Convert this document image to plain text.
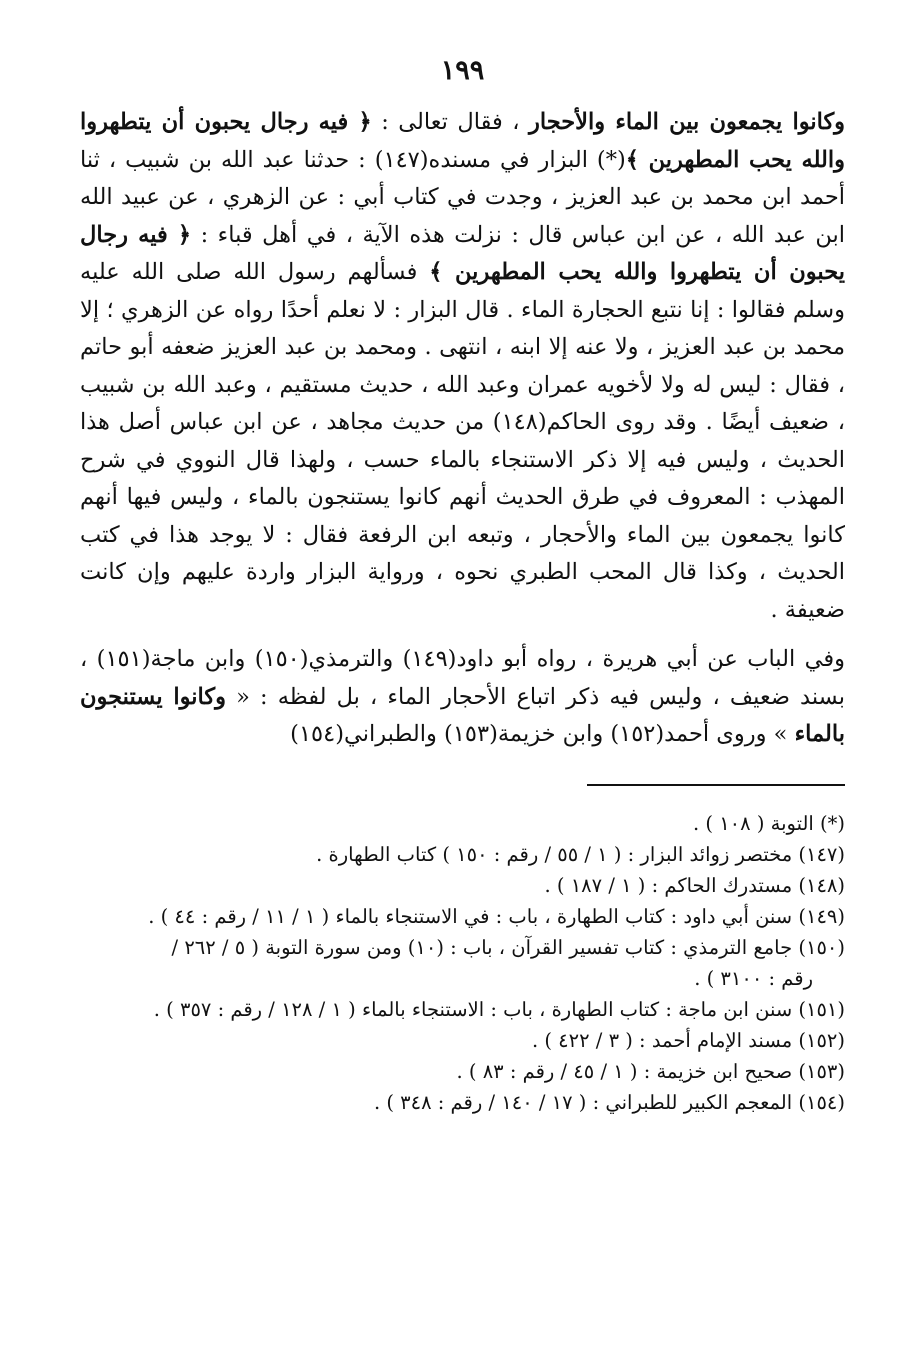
١٩٩

وكانوا يجمعون بين الماء والأحجار ، فقال تعالى : ﴿ فيه رجال يحبون أن يتطهروا والله يحب المطهرين ﴾(*) البزار في مسنده(١٤٧) : حدثنا عبد الله بن شبيب ، ثنا أحمد ابن محمد بن عبد العزيز ، وجدت في كتاب أبي : عن الزهري ، عن عبيد الله ابن عبد الله ، عن ابن عباس قال : نزلت هذه الآية ، في أهل قباء : ﴿ فيه رجال يحبون أن يتطهروا والله يحب المطهرين ﴾ فسألهم رسول الله صلى الله عليه وسلم فقالوا : إنا نتبع الحجارة الماء . قال البزار : لا نعلم أحدًا رواه عن الزهري ؛ إلا محمد بن عبد العزيز ، ولا عنه إلا ابنه ، انتهى . ومحمد بن عبد العزيز ضعفه أبو حاتم ، فقال : ليس له ولا لأخويه عمران وعبد الله ، حديث مستقيم ، وعبد الله بن شبيب ، ضعيف أيضًا . وقد روى الحاكم(١٤٨) من حديث مجاهد ، عن ابن عباس أصل هذا الحديث ، وليس فيه إلا ذكر الاستنجاء بالماء حسب ، ولهذا قال النووي في شرح المهذب : المعروف في طرق الحديث أنهم كانوا يستنجون بالماء ، وليس فيها أنهم كانوا يجمعون بين الماء والأحجار ، وتبعه ابن الرفعة فقال : لا يوجد هذا في كتب الحديث ، وكذا قال المحب الطبري نحوه ، ورواية البزار واردة عليهم وإن كانت ضعيفة .

وفي الباب عن أبي هريرة ، رواه أبو داود(١٤٩) والترمذي(١٥٠) وابن ماجة(١٥١) ، بسند ضعيف ، وليس فيه ذكر اتباع الأحجار الماء ، بل لفظه : « وكانوا يستنجون بالماء » وروى أحمد(١٥٢) وابن خزيمة(١٥٣) والطبراني(١٥٤)

(*) التوبة ( ١٠٨ ) .

(١٤٧) مختصر زوائد البزار : ( ١ / ٥٥ / رقم : ١٥٠ ) كتاب الطهارة .

(١٤٨) مستدرك الحاكم : ( ١ / ١٨٧ ) .

(١٤٩) سنن أبي داود : كتاب الطهارة ، باب : في الاستنجاء بالماء ( ١ / ١١ / رقم : ٤٤ ) .

(١٥٠) جامع الترمذي : كتاب تفسير القرآن ، باب : (١٠) ومن سورة التوبة ( ٥ / ٢٦٢ /

رقم : ٣١٠٠ ) .

(١٥١) سنن ابن ماجة : كتاب الطهارة ، باب : الاستنجاء بالماء ( ١ / ١٢٨ / رقم : ٣٥٧ ) .

(١٥٢) مسند الإمام أحمد : ( ٣ / ٤٢٢ ) .

(١٥٣) صحيح ابن خزيمة : ( ١ / ٤٥ / رقم : ٨٣ ) .

(١٥٤) المعجم الكبير للطبراني : ( ١٧ / ١٤٠ / رقم : ٣٤٨ ) .
